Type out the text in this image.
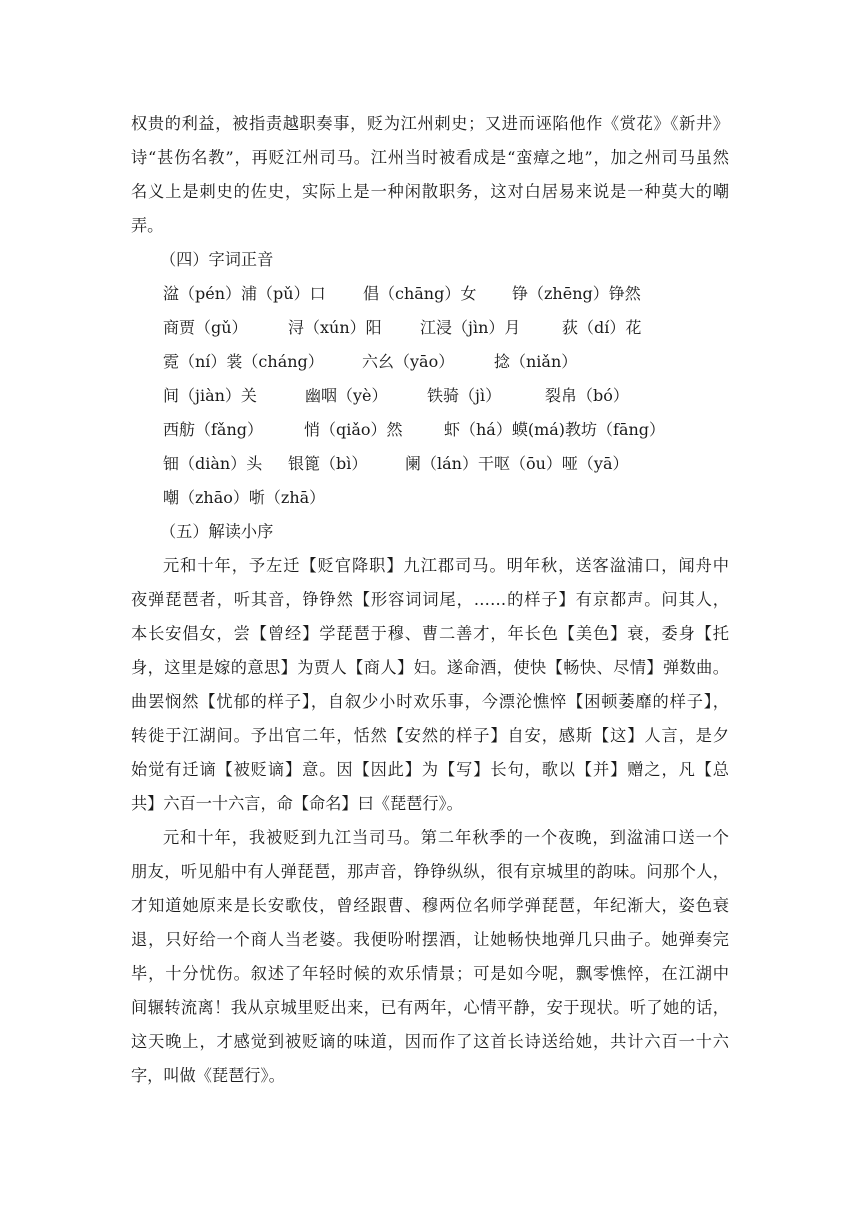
权贵的利益，被指责越职奏事，贬为江州刺史；又进而诬陷他作《赏花》《新井》
诗“甚伤名教”，再贬江州司马。江州当时被看成是“蛮瘴之地”，加之州司马虽然
名义上是刺史的佐史，实际上是一种闲散职务，这对白居易来说是一种莫大的嘲
弄。
（四）字词正音
湓（pén）浦（pǔ）口 倡（chāng）女 铮（zhēng）铮然
商贾（gǔ）	浔（xún）阳 江浸（jìn）月	荻（dí）花
霓（ní）裳（cháng） 六幺（yāo） 捻（niǎn）
间（jiàn）关	幽咽（yè） 铁骑（jì）	裂帛（bó）
西舫（fǎng）	悄（qiǎo）然	虾（há）蟆(má)教坊（fāng）
钿（diàn）头 银篦（bì） 阑（lán）干呕（ōu）哑（yā）
嘲（zhāo）哳（zhā）
（五）解读小序
元和十年，予左迁【贬官降职】九江郡司马。明年秋，送客湓浦口，闻舟中
夜弹琵琶者，听其音，铮铮然【形容词词尾，……的样子】有京都声。问其人，
本长安倡女，尝【曾经】学琵琶于穆、曹二善才，年长色【美色】衰，委身【托
身，这里是嫁的意思】为贾人【商人】妇。遂命酒，使快【畅快、尽情】弹数曲。
曲罢悯然【忧郁的样子】，自叙少小时欢乐事，今漂沦憔悴【困顿萎靡的样子】，
转徙于江湖间。予出官二年，恬然【安然的样子】自安，感斯【这】人言，是夕
始觉有迁谪【被贬谪】意。因【因此】为【写】长句，歌以【并】赠之，凡【总
共】六百一十六言，命【命名】曰《琵琶行》。
元和十年，我被贬到九江当司马。第二年秋季的一个夜晚，到湓浦口送一个
朋友，听见船中有人弹琵琶，那声音，铮铮纵纵，很有京城里的韵味。问那个人，
才知道她原来是长安歌伎，曾经跟曹、穆两位名师学弹琵琶，年纪渐大，姿色衰
退，只好给一个商人当老婆。我便吩咐摆酒，让她畅快地弹几只曲子。她弹奏完
毕，十分忧伤。叙述了年轻时候的欢乐情景；可是如今呢，飘零憔悴，在江湖中
间辗转流离！我从京城里贬出来，已有两年，心情平静，安于现状。听了她的话，
这天晚上，才感觉到被贬谪的味道，因而作了这首长诗送给她，共计六百一十六
字，叫做《琵琶行》。
